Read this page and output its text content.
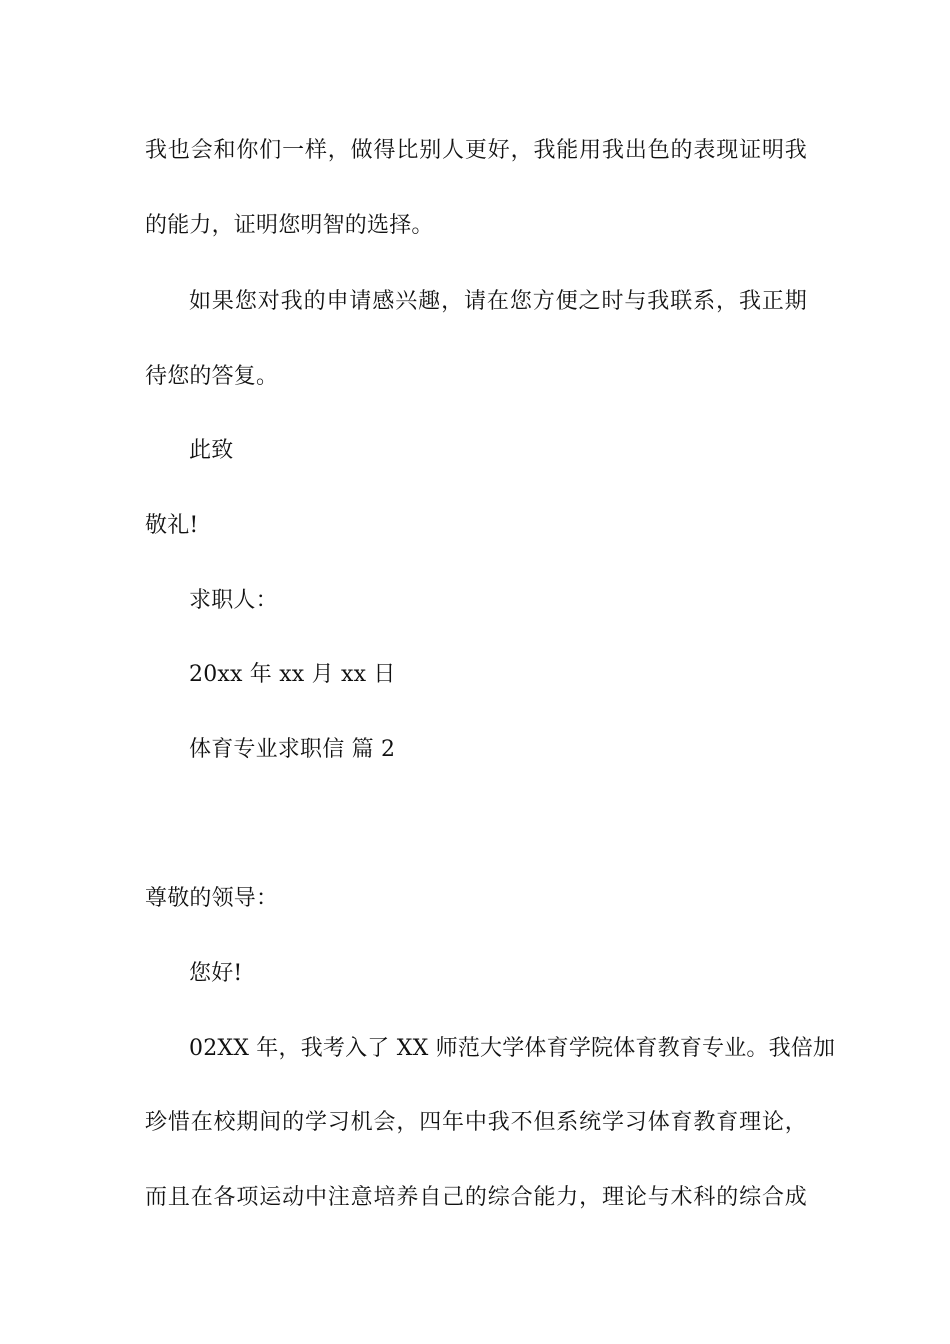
我也会和你们一样，做得比别人更好，我能用我出色的表现证明我
的能力，证明您明智的选择。
如果您对我的申请感兴趣，请在您方便之时与我联系，我正期
待您的答复。
此致
敬礼!
求职人：
20xx 年 xx 月 xx 日
体育专业求职信 篇 2
尊敬的领导：
您好!
02XX 年，我考入了 XX 师范大学体育学院体育教育专业。我倍加
珍惜在校期间的学习机会，四年中我不但系统学习体育教育理论，
而且在各项运动中注意培养自己的综合能力，理论与术科的综合成
